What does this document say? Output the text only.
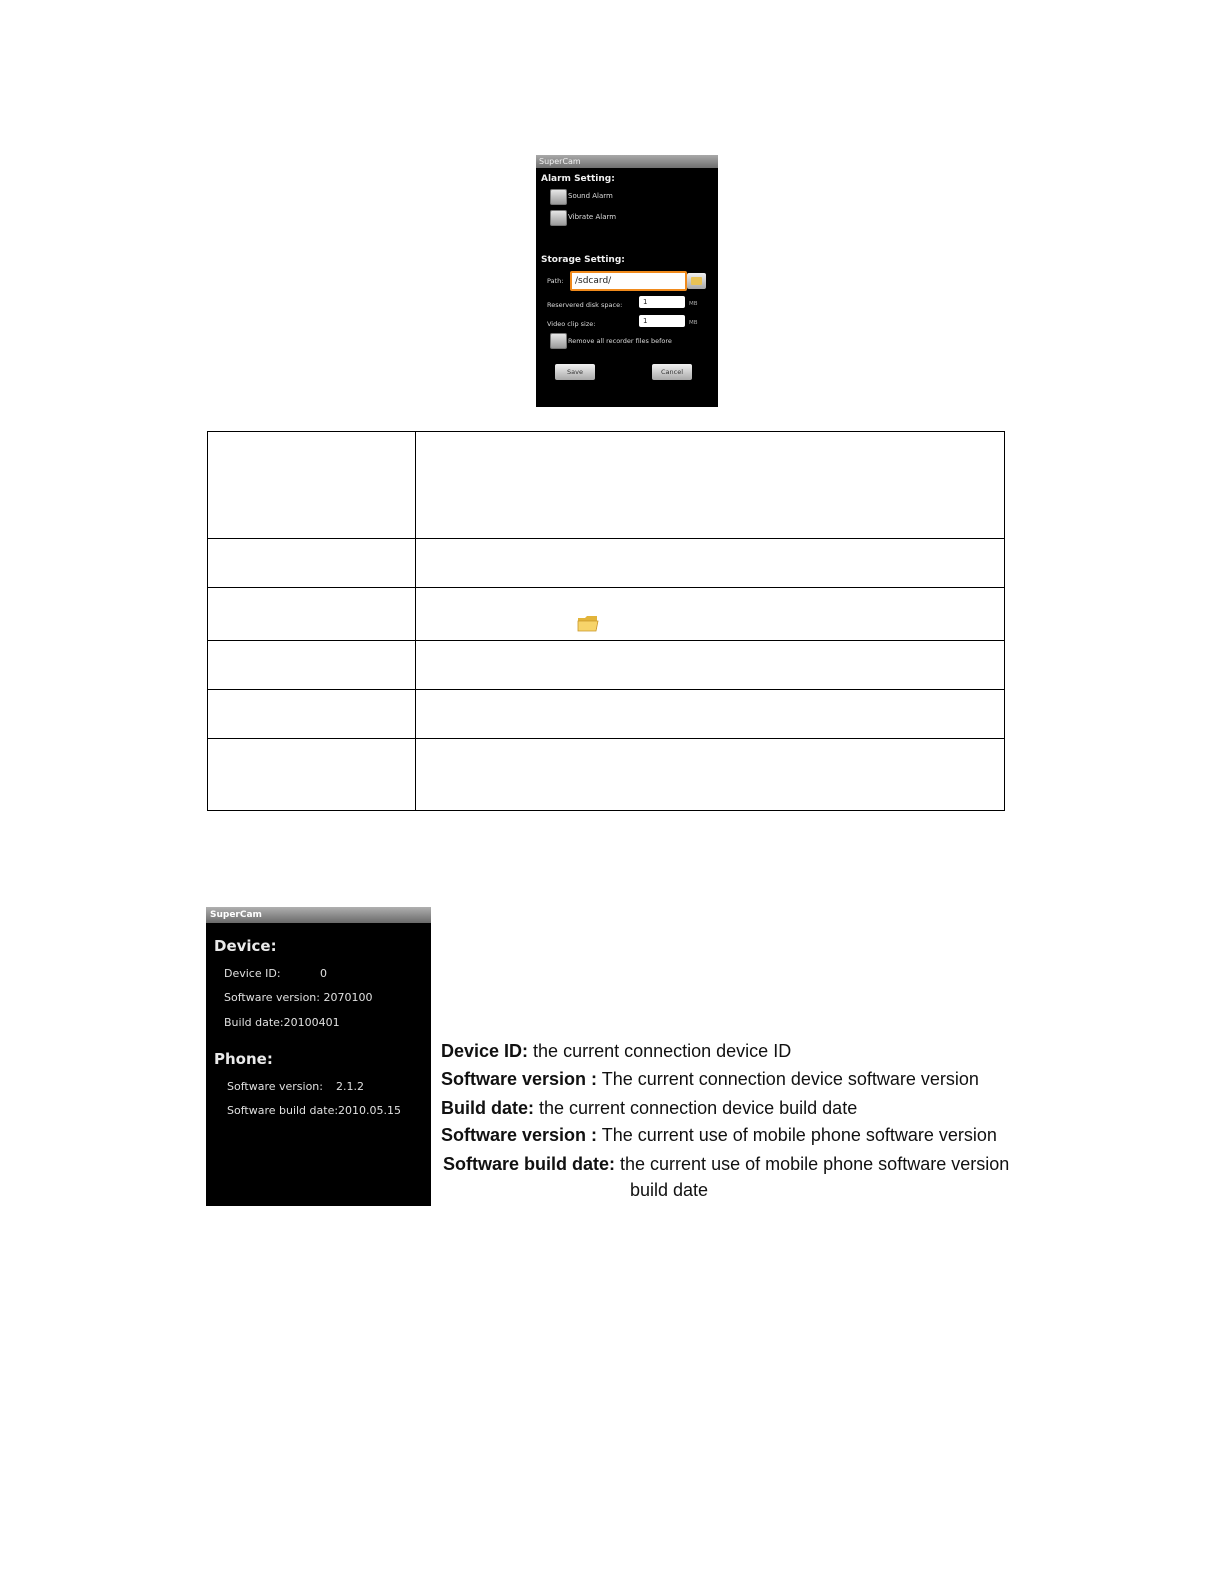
SuperCam
Alarm Setting:
Sound Alarm
Vibrate Alarm
Storage Setting:
Path:	/sdcard/
Reservered disk space:	1	MB
Video clip size:	1	MB
Remove all recorder files before
Save	Cancel

SuperCam
Device:
Device ID:	0
Software version: 2070100
Build date:20100401
Phone:
Software version: 2.1.2
Software build date:2010.05.15
Device ID: the current connection device ID
Software version : The current connection device software version
Build date: the current connection device build date
Software version : The current use of mobile phone software version
Software build date: the current use of mobile phone software version
build date
